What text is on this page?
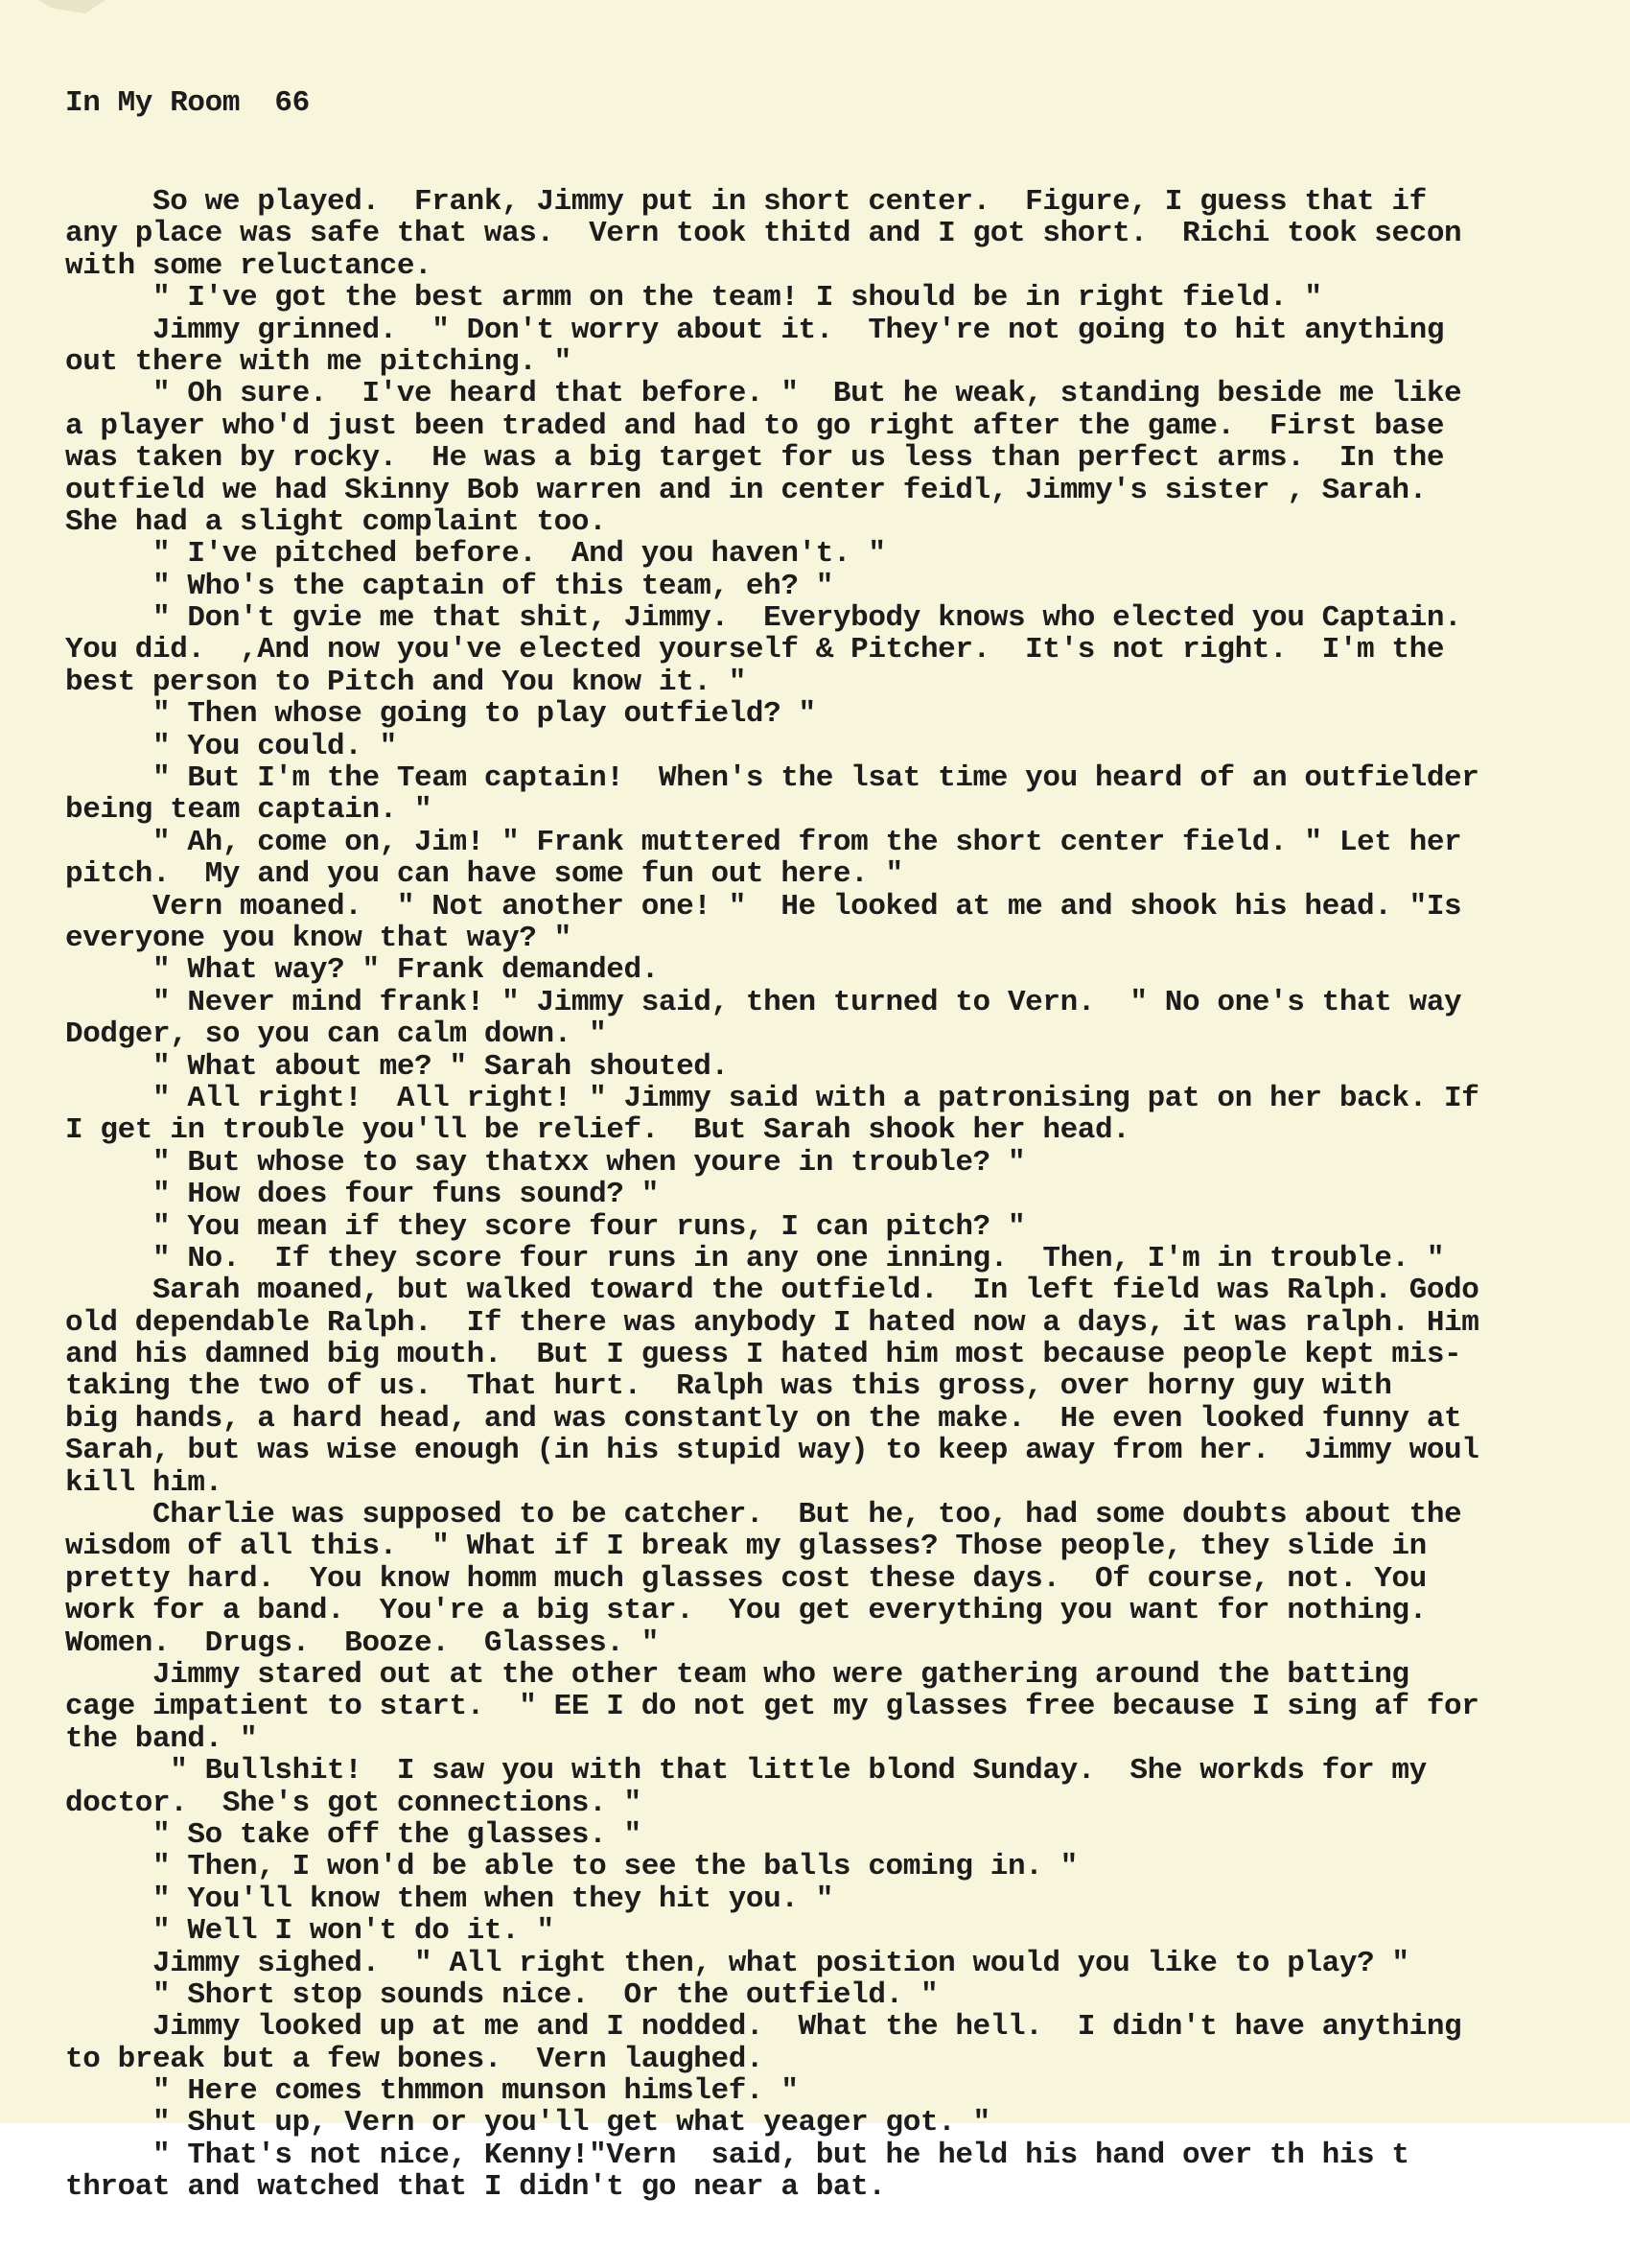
In My Room  66

So we played.  Frank, Jimmy put in short center.  Figure, I guess that if
any place was safe that was.  Vern took thitd and I got short.  Richi took secon
with some reluctance.
" I've got the best armm on the team! I should be in right field. "
Jimmy grinned.  " Don't worry about it.  They're not going to hit anything
out there with me pitching. "
" Oh sure.  I've heard that before. "  But he weak, standing beside me like
a player who'd just been traded and had to go right after the game.  First base
was taken by rocky.  He was a big target for us less than perfect arms.  In the
outfield we had Skinny Bob warren and in center feidl, Jimmy's sister , Sarah.
She had a slight complaint too.
" I've pitched before.  And you haven't. "
" Who's the captain of this team, eh? "
" Don't gvie me that shit, Jimmy.  Everybody knows who elected you Captain.
You did.  ,And now you've elected yourself & Pitcher.  It's not right.  I'm the
best person to Pitch and You know it. "
" Then whose going to play outfield? "
" You could. "
" But I'm the Team captain!  When's the lsat time you heard of an outfielder
being team captain. "
" Ah, come on, Jim! " Frank muttered from the short center field. " Let her
pitch.  My and you can have some fun out here. "
Vern moaned.  " Not another one! "  He looked at me and shook his head. "Is
everyone you know that way? "
" What way? " Frank demanded.
" Never mind frank! " Jimmy said, then turned to Vern.  " No one's that way
Dodger, so you can calm down. "
" What about me? " Sarah shouted.
" All right!  All right! " Jimmy said with a patronising pat on her back. If
I get in trouble you'll be relief.  But Sarah shook her head.
" But whose to say thatxx when youre in trouble? "
" How does four funs sound? "
" You mean if they score four runs, I can pitch? "
" No.  If they score four runs in any one inning.  Then, I'm in trouble. "
Sarah moaned, but walked toward the outfield.  In left field was Ralph. Godo
old dependable Ralph.  If there was anybody I hated now a days, it was ralph. Him
and his damned big mouth.  But I guess I hated him most because people kept mis-
taking the two of us.  That hurt.  Ralph was this gross, over horny guy with
big hands, a hard head, and was constantly on the make.  He even looked funny at
Sarah, but was wise enough (in his stupid way) to keep away from her.  Jimmy woul
kill him.
Charlie was supposed to be catcher.  But he, too, had some doubts about the
wisdom of all this.  " What if I break my glasses? Those people, they slide in
pretty hard.  You know homm much glasses cost these days.  Of course, not. You
work for a band.  You're a big star.  You get everything you want for nothing.
Women.  Drugs.  Booze.  Glasses. "
Jimmy stared out at the other team who were gathering around the batting
cage impatient to start.  " EE I do not get my glasses free because I sing af for
the band. "
" Bullshit!  I saw you with that little blond Sunday.  She workds for my
doctor.  She's got connections. "
" So take off the glasses. "
" Then, I won'd be able to see the balls coming in. "
" You'll know them when they hit you. "
" Well I won't do it. "
Jimmy sighed.  " All right then, what position would you like to play? "
" Short stop sounds nice.  Or the outfield. "
Jimmy looked up at me and I nodded.  What the hell.  I didn't have anything
to break but a few bones.  Vern laughed.
" Here comes thmmon munson himslef. "
" Shut up, Vern or you'll get what yeager got. "
" That's not nice, Kenny!"Vern  said, but he held his hand over th his t
throat and watched that I didn't go near a bat.
